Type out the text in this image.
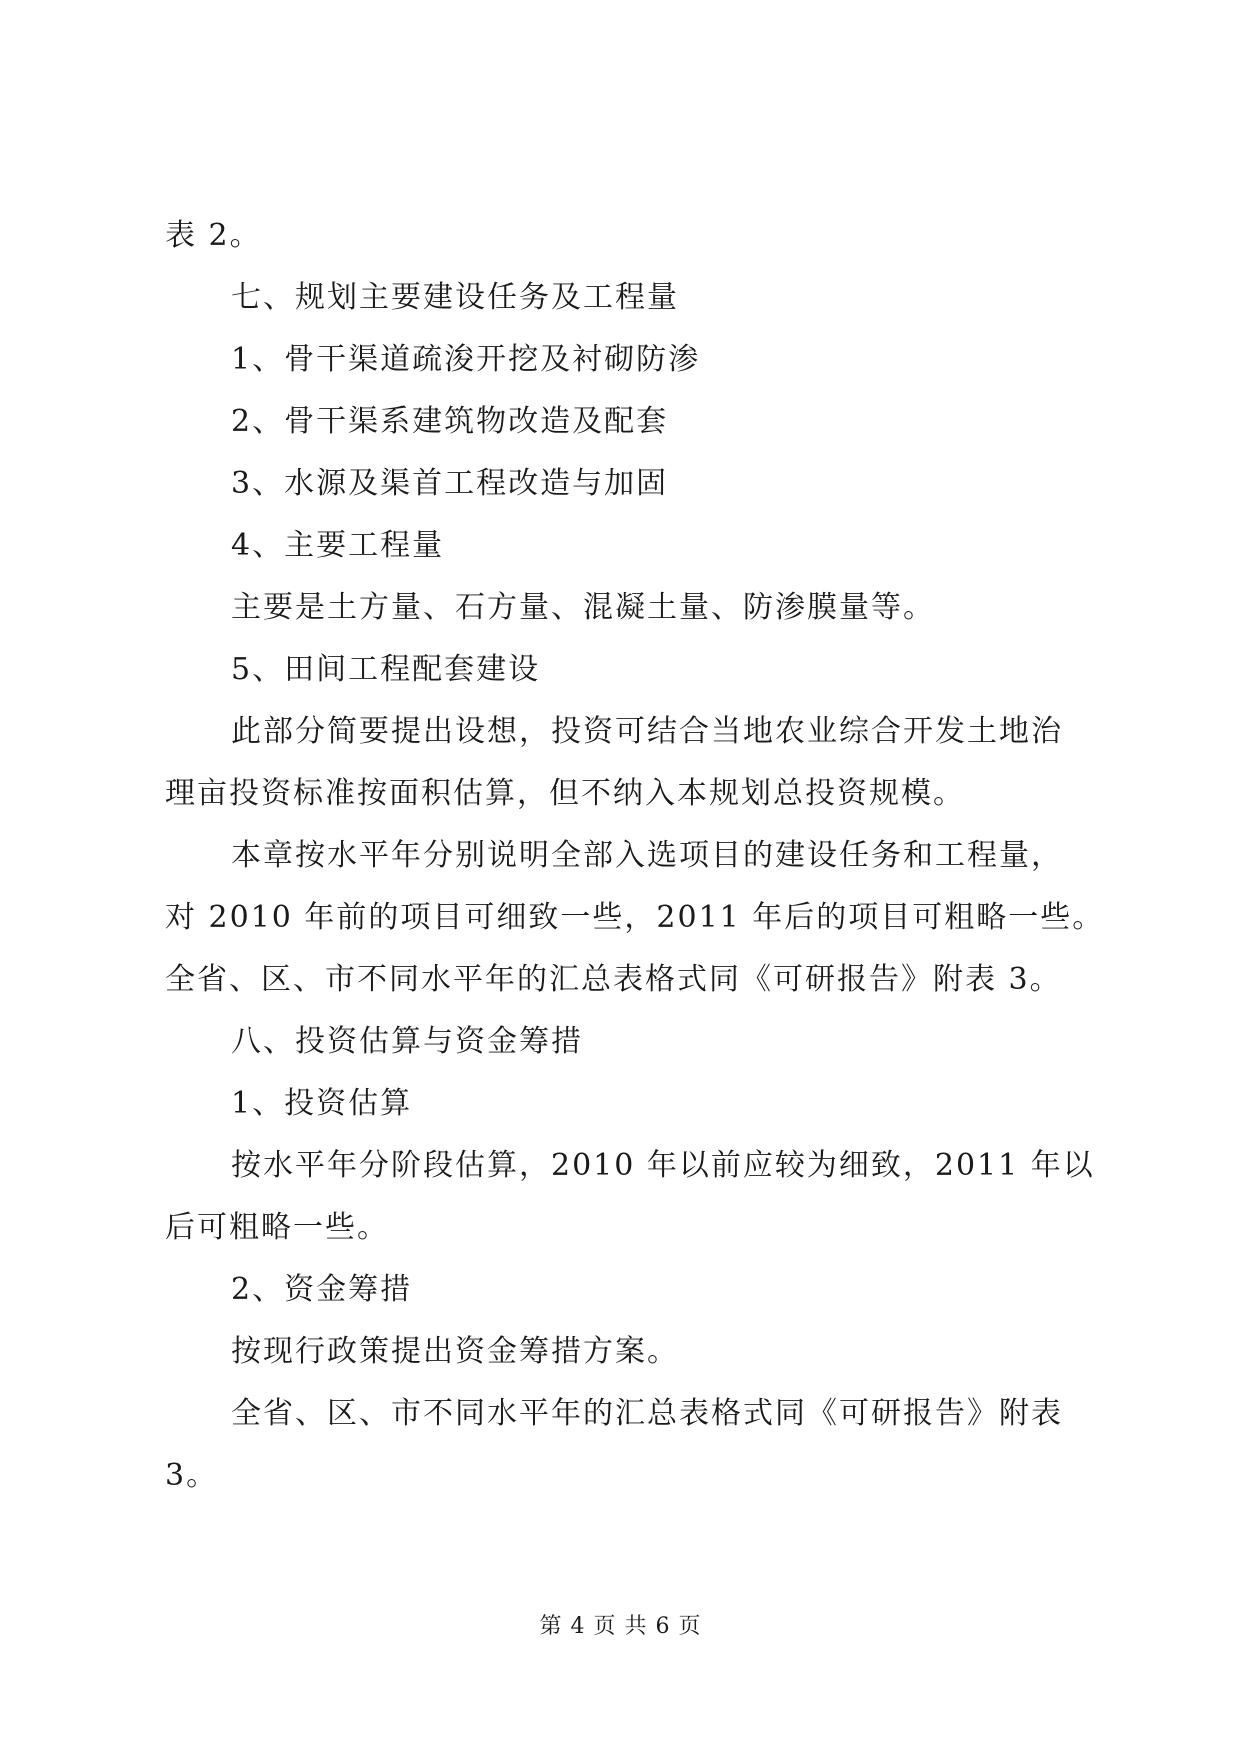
表 2。
七、规划主要建设任务及工程量
1、骨干渠道疏浚开挖及衬砌防渗
2、骨干渠系建筑物改造及配套
3、水源及渠首工程改造与加固
4、主要工程量
主要是土方量、石方量、混凝土量、防渗膜量等。
5、田间工程配套建设
此部分简要提出设想，投资可结合当地农业综合开发土地治
理亩投资标准按面积估算，但不纳入本规划总投资规模。
本章按水平年分别说明全部入选项目的建设任务和工程量，
对 2010 年前的项目可细致一些，2011 年后的项目可粗略一些。
全省、区、市不同水平年的汇总表格式同《可研报告》附表 3。
八、投资估算与资金筹措
1、投资估算
按水平年分阶段估算，2010 年以前应较为细致，2011 年以
后可粗略一些。
2、资金筹措
按现行政策提出资金筹措方案。
全省、区、市不同水平年的汇总表格式同《可研报告》附表
3。
第 4 页 共 6 页
